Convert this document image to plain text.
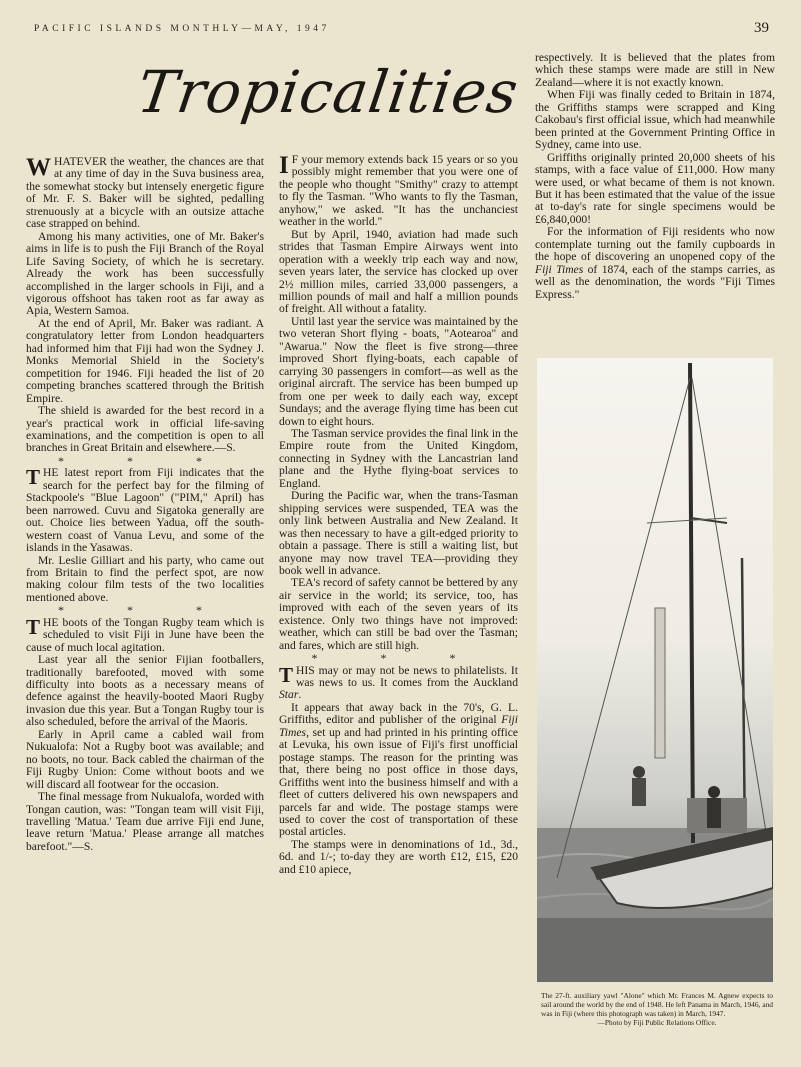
PACIFIC ISLANDS MONTHLY—MAY, 1947	39
Tropicalities

WHATEVER the weather, the chances are that at any time of day in the Suva business area, the somewhat stocky but intensely energetic figure of Mr. F. S. Baker will be sighted, pedalling strenuously at a bicycle with an outsize attache case strapped on behind.

Among his many activities, one of Mr. Baker's aims in life is to push the Fiji Branch of the Royal Life Saving Society, of which he is secretary. Already the work has been successfully accomplished in the larger schools in Fiji, and a vigorous offshoot has taken root as far away as Apia, Western Samoa.

At the end of April, Mr. Baker was radiant. A congratulatory letter from London headquarters had informed him that Fiji had won the Sydney J. Monks Memorial Shield in the Society's competition for 1946. Fiji headed the list of 20 competing branches scattered through the British Empire.

The shield is awarded for the best record in a year's practical work in official life-saving examinations, and the competition is open to all branches in Great Britain and elsewhere.—S.

* * *

THE latest report from Fiji indicates that the search for the perfect bay for the filming of Stackpoole's "Blue Lagoon" ("PIM," April) has been narrowed. Cuvu and Sigatoka generally are out. Choice lies between Yadua, off the south-western coast of Vanua Levu, and some of the islands in the Yasawas.

Mr. Leslie Gilliart and his party, who came out from Britain to find the perfect spot, are now making colour film tests of the two localities mentioned above.

* * *

THE boots of the Tongan Rugby team which is scheduled to visit Fiji in June have been the cause of much local agitation.

Last year all the senior Fijian footballers, traditionally barefooted, moved with some difficulty into boots as a necessary means of defence against the heavily-booted Maori Rugby invasion due this year. But a Tongan Rugby tour is also scheduled, before the arrival of the Maoris.

Early in April came a cabled wail from Nukualofa: Not a Rugby boot was available; and no boots, no tour. Back cabled the chairman of the Fiji Rugby Union: Come without boots and we will discard all footwear for the occasion.

The final message from Nukualofa, worded with Tongan caution, was: "Tongan team will visit Fiji, travelling 'Matua.' Team due arrive Fiji end June, leave return 'Matua.' Please arrange all matches barefoot."—S.

I F your memory extends back 15 years or so you possibly might remember that you were one of the people who thought "Smithy" crazy to attempt to fly the Tasman. "Who wants to fly the Tasman, anyhow," we asked. "It has the unchanciest weather in the world."

But by April, 1940, aviation had made such strides that Tasman Empire Airways went into operation with a weekly trip each way and now, seven years later, the service has clocked up over 2½ million miles, carried 33,000 passengers, a million pounds of mail and half a million pounds of freight. All without a fatality.

Until last year the service was maintained by the two veteran Short flying - boats, "Aotearoa" and "Awarua." Now the fleet is five strong—three improved Short flying-boats, each capable of carrying 30 passengers in comfort—as well as the original aircraft. The service has been bumped up from one per week to daily each way, except Sundays; and the average flying time has been cut down to eight hours.

The Tasman service provides the final link in the Empire route from the United Kingdom, connecting in Sydney with the Lancastrian land plane and the Hythe flying-boat services to England.

During the Pacific war, when the trans-Tasman shipping services were suspended, TEA was the only link between Australia and New Zealand. It was then necessary to have a gilt-edged priority to obtain a passage. There is still a waiting list, but anyone may now travel TEA—providing they book well in advance.

TEA's record of safety cannot be bettered by any air service in the world; its service, too, has improved with each of the seven years of its existence. Only two things have not improved: weather, which can still be bad over the Tasman; and fares, which are still high.

* * *

THIS may or may not be news to philatelists. It was news to us. It comes from the Auckland Star.

It appears that away back in the 70's, G. L. Griffiths, editor and publisher of the original Fiji Times, set up and had printed in his printing office at Levuka, his own issue of Fiji's first unofficial postage stamps. The reason for the printing was that, there being no post office in those days, Griffiths went into the business himself and with a fleet of cutters delivered his own newspapers and parcels far and wide. The postage stamps were used to cover the cost of transportation of these postal articles.

The stamps were in denominations of 1d., 3d., 6d. and 1/-; to-day they are worth £12, £15, £20 and £10 apiece,

respectively. It is believed that the plates from which these stamps were made are still in New Zealand—where it is not exactly known.

When Fiji was finally ceded to Britain in 1874, the Griffiths stamps were scrapped and King Cakobau's first official issue, which had meanwhile been printed at the Government Printing Office in Sydney, came into use.

Griffiths originally printed 20,000 sheets of his stamps, with a face value of £11,000. How many were used, or what became of them is not known. But it has been estimated that the value of the issue at to-day's rate for single specimens would be £6,840,000!

For the information of Fiji residents who now contemplate turning out the family cupboards in the hope of discovering an unopened copy of the Fiji Times of 1874, each of the stamps carries, as well as the denomination, the words "Fiji Times Express."

The 27-ft. auxiliary yawl "Alone" which Mr. Frances M. Agnew expects to sail around the world by the end of 1948. He left Panama in March, 1946, and was in Fiji (where this photograph was taken) in March, 1947.
—Photo by Fiji Public Relations Office.
